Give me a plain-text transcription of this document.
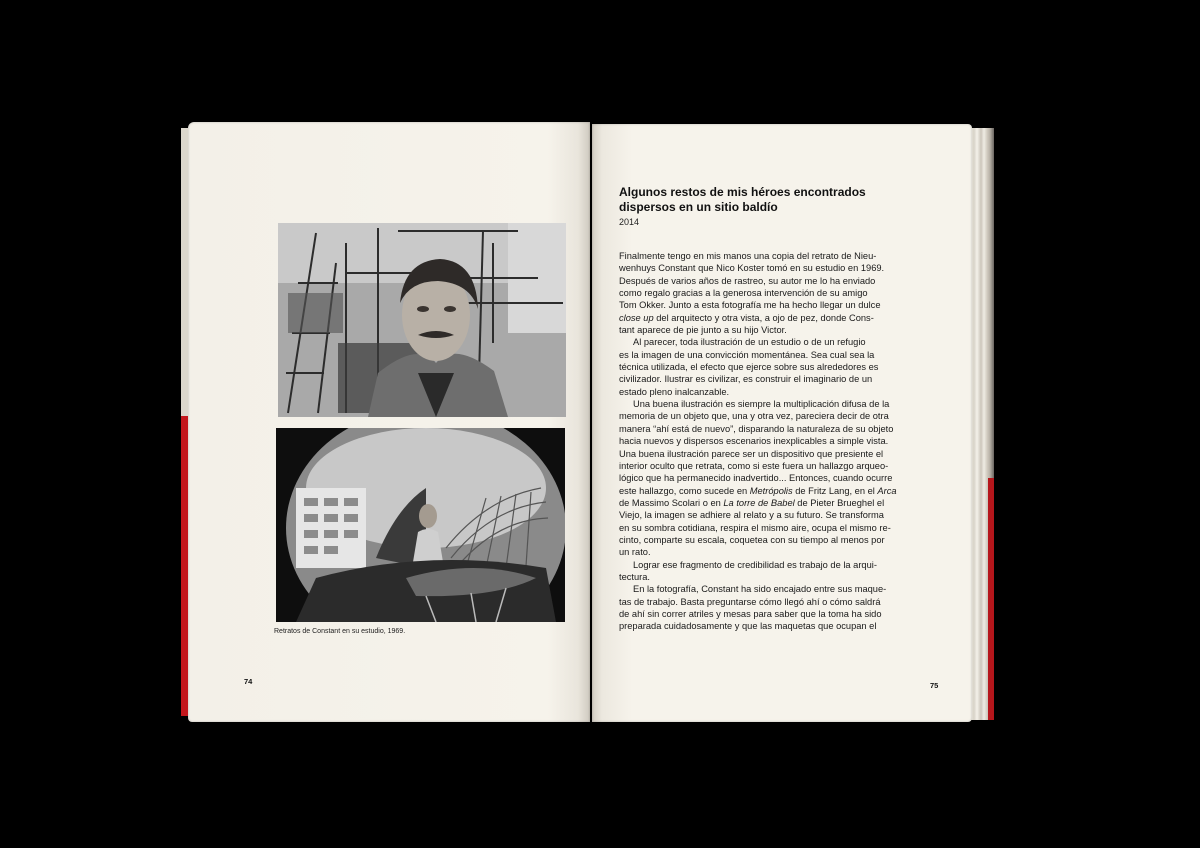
Retratos de Constant en su estudio, 1969.
74
Algunos restos de mis héroes encontrados
dispersos en un sitio baldío
2014

Finalmente tengo en mis manos una copia del retrato de Nieu-
wenhuys Constant que Nico Koster tomó en su estudio en 1969.
Después de varios años de rastreo, su autor me lo ha enviado
como regalo gracias a la generosa intervención de su amigo
Tom Okker. Junto a esta fotografía me ha hecho llegar un dulce
close up del arquitecto y otra vista, a ojo de pez, donde Cons-
tant aparece de pie junto a su hijo Victor.

Al parecer, toda ilustración de un estudio o de un refugio
es la imagen de una convicción momentánea. Sea cual sea la
técnica utilizada, el efecto que ejerce sobre sus alrededores es
civilizador. Ilustrar es civilizar, es construir el imaginario de un
estado pleno inalcanzable.

Una buena ilustración es siempre la multiplicación difusa de la
memoria de un objeto que, una y otra vez, pareciera decir de otra
manera “ahí está de nuevo”, disparando la naturaleza de su objeto
hacia nuevos y dispersos escenarios inexplicables a simple vista.
Una buena ilustración parece ser un dispositivo que presiente el
interior oculto que retrata, como si este fuera un hallazgo arqueo-
lógico que ha permanecido inadvertido... Entonces, cuando ocurre
este hallazgo, como sucede en Metrópolis de Fritz Lang, en el Arca
de Massimo Scolari o en La torre de Babel de Pieter Brueghel el
Viejo, la imagen se adhiere al relato y a su futuro. Se transforma
en su sombra cotidiana, respira el mismo aire, ocupa el mismo re-
cinto, comparte su escala, coquetea con su tiempo al menos por
un rato.

Lograr ese fragmento de credibilidad es trabajo de la arqui-
tectura.

En la fotografía, Constant ha sido encajado entre sus maque-
tas de trabajo. Basta preguntarse cómo llegó ahí o cómo saldrá
de ahí sin correr atriles y mesas para saber que la toma ha sido
preparada cuidadosamente y que las maquetas que ocupan el

75
